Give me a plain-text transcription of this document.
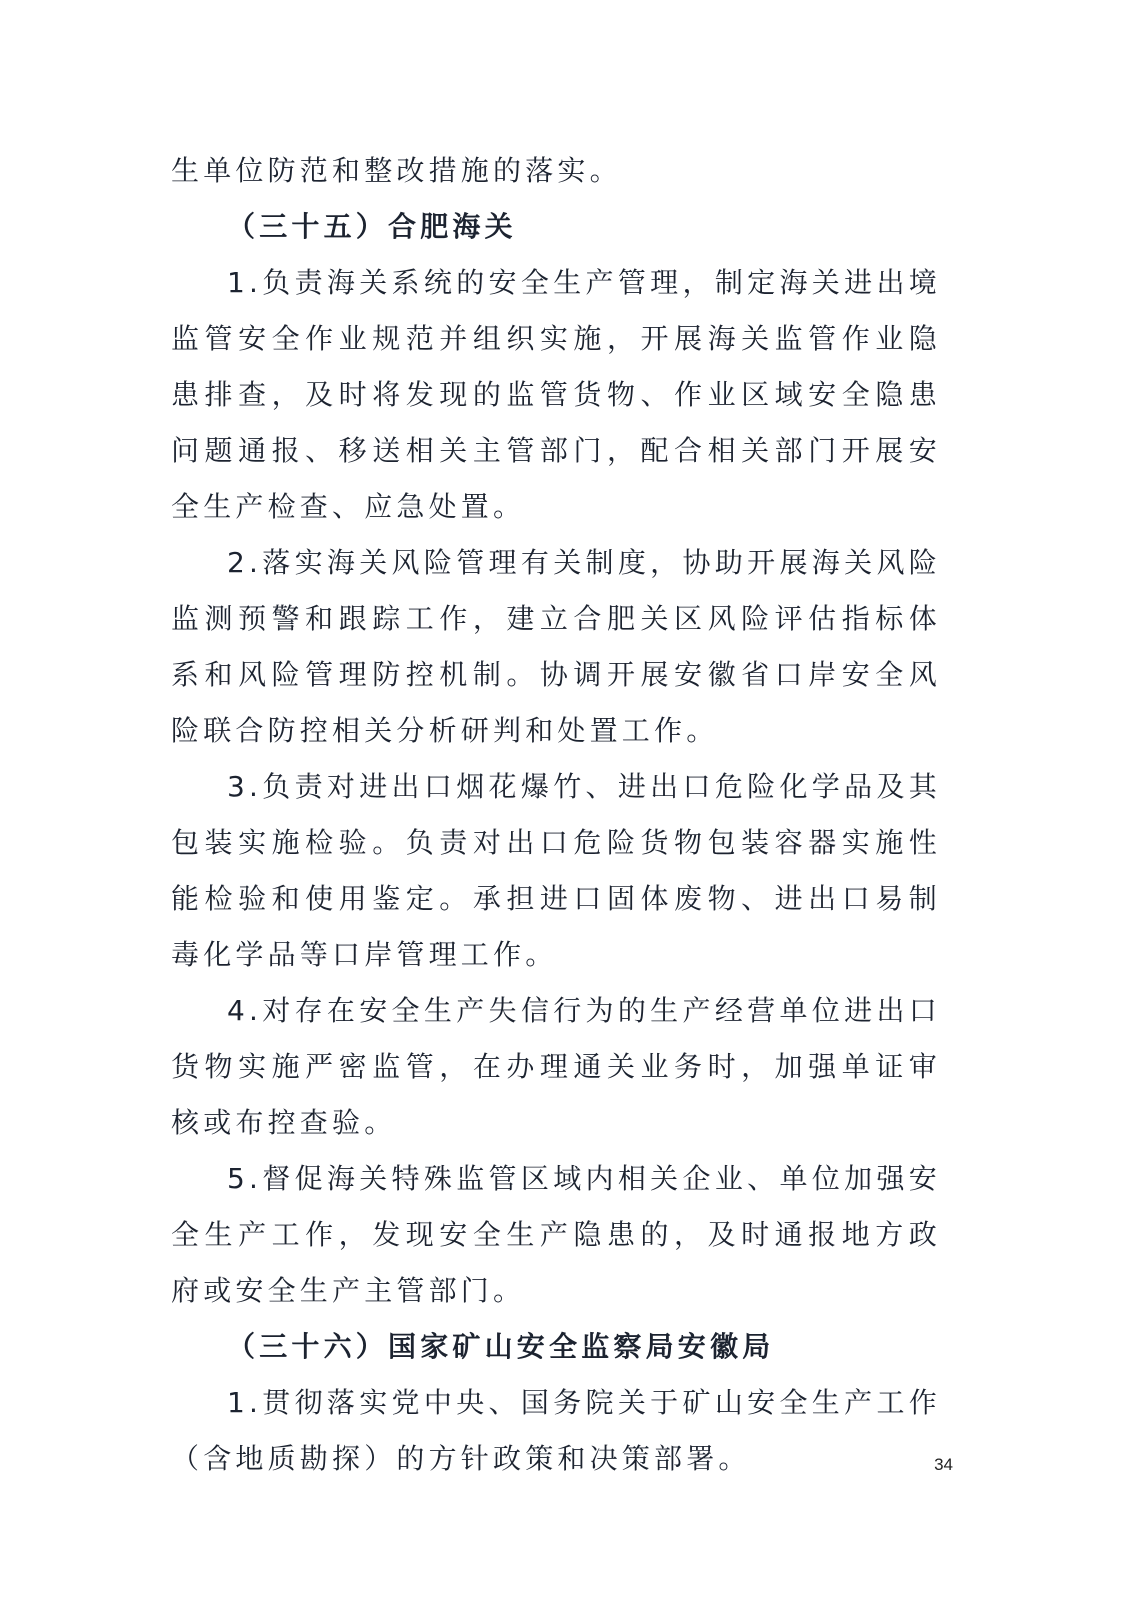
生单位防范和整改措施的落实。

（三十五）合肥海关

1.负责海关系统的安全生产管理，制定海关进出境监管安全作业规范并组织实施，开展海关监管作业隐患排查，及时将发现的监管货物、作业区域安全隐患问题通报、移送相关主管部门，配合相关部门开展安全生产检查、应急处置。

2.落实海关风险管理有关制度，协助开展海关风险监测预警和跟踪工作，建立合肥关区风险评估指标体系和风险管理防控机制。协调开展安徽省口岸安全风险联合防控相关分析研判和处置工作。

3.负责对进出口烟花爆竹、进出口危险化学品及其包装实施检验。负责对出口危险货物包装容器实施性能检验和使用鉴定。承担进口固体废物、进出口易制毒化学品等口岸管理工作。

4.对存在安全生产失信行为的生产经营单位进出口货物实施严密监管，在办理通关业务时，加强单证审核或布控查验。

5.督促海关特殊监管区域内相关企业、单位加强安全生产工作，发现安全生产隐患的，及时通报地方政府或安全生产主管部门。

（三十六）国家矿山安全监察局安徽局

1.贯彻落实党中央、国务院关于矿山安全生产工作（含地质勘探）的方针政策和决策部署。	34
